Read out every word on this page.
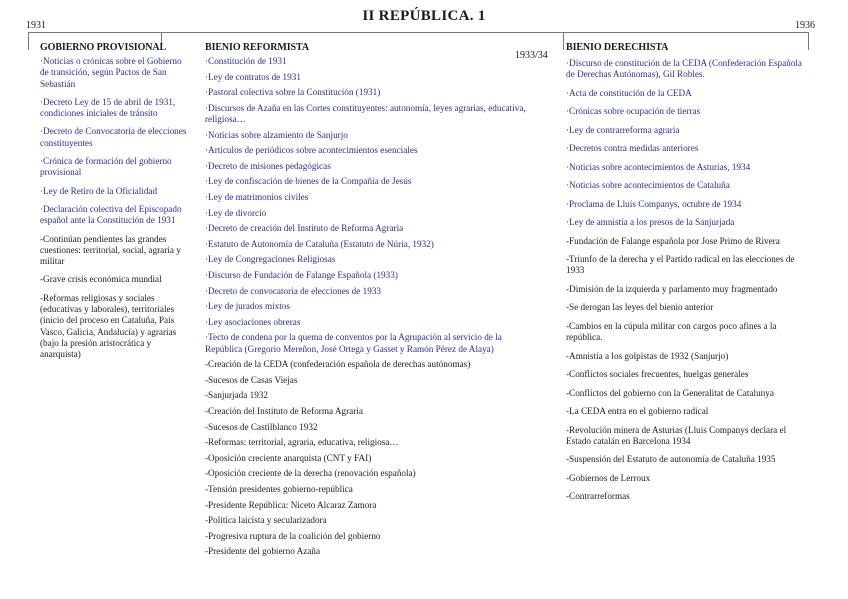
II REPÚBLICA. 1
1931	1936
1933/34
GOBIERNO PROVISIONAL
·Noticias o crónicas sobre el Gobierno de transición, según Pactos de San Sebastián
·Decreto Ley de 15 de abril de 1931, condiciones iniciales de tránsito
·Decreto de Convocatoria de elecciones constituyentes
·Crónica de formación del gobierno provisional
·Ley de Retiro de la Oficialidad
·Declaración colectiva del Episcopado español ante la Constitución de 1931
-Continúan pendientes las grandes cuestiones: territorial, social, agraria y militar
-Grave crisis económica mundial
-Reformas religiosas y sociales (educativas y laborales), territoriales (inicio del proceso en Cataluña, País Vasco, Galicia, Andalucía) y agrarias (bajo la presión aristocrática y anarquista)
BIENIO REFORMISTA
·Constitución de 1931
·Ley de contratos de 1931
·Pastoral colectiva sobre la Constitución (1931)
·Discursos de Azaña en las Cortes constituyentes: autonomía, leyes agrarias, educativa, religiosa…
·Noticias sobre alzamiento de Sanjurjo
·Artículos de periódicos sobre acontecimientos esenciales
·Decreto de misiones pedagógicas
·Ley de confiscación de bienes de la Compañía de Jesús
·Ley de matrimonios civiles
·Ley de divorcio
·Decreto de creación del Instituto de Reforma Agraria
·Estatuto de Autonomía de Cataluña (Estatuto de Núria, 1932)
·Ley de Congregaciones Religiosas
·Discurso de Fundación de Falange Española (1933)
·Decreto de convocatoria de elecciones de 1933
·Ley de jurados mixtos
·Ley asociaciones obreras
·Tecto de condena por la quema de conventos por la Agrupación al servicio de la República (Gregorio Mereñon, José Ortega y Gasset y Ramón Pérez de Alaya)
-Creación de la CEDA (confederación española de derechas autónomas)
-Sucesos de Casas Viejas
-Sanjurjada 1932
-Creación del Instituto de Reforma Agraria
-Sucesos de Castilblanco 1932
-Reformas: territorial, agraria, educativa, religiosa…
-Oposición creciente anarquista (CNT y FAI)
-Oposición creciente de la derecha (renovación española)
-Tensión presidentes gobierno-república
-Presidente República: Niceto Alcaraz Zamora
-Política laicista y secularizadora
-Progresiva ruptura de la coalición del gobierno
-Presidente del gobierno Azaña
BIENIO DERECHISTA
·Discurso de constitución de la CEDA (Confederación Española de Derechas Autónomas), Gil Robles.
·Acta de constitución de la CEDA
·Crónicas sobre ocupación de tierras
·Ley de contrarreforma agraria
·Decretos contra medidas anteriores
·Noticias sobre acontecimientos de Asturias, 1934
·Noticias sobre acontecimientos de Cataluña
·Proclama de Lluís Companys, octubre de 1934
·Ley de amnistía a los presos de la Sanjurjada
-Fundación de Falange española por Jose Primo de Rivera
-Triunfo de la derecha y el Partido radical en las elecciones de 1933
-Dimisión de la izquierda y parlamento muy fragmentado
-Se derogan las leyes del bienio anterior
-Cambios en la cúpula militar con cargos poco afines a la república.
-Amnistía a los golpistas de 1932 (Sanjurjo)
-Conflictos sociales frecuentes, huelgas generales
-Conflictos del gobierno con la Generalitat de Catalunya
-La CEDA entra en el gobierno radical
-Revolución minera de Asturias (Lluis Companys declara el Estado catalán en Barcelona 1934
-Suspensión del Estatuto de autonomía de Cataluña 1935
-Gobiernos de Lerroux
-Contrarreformas
